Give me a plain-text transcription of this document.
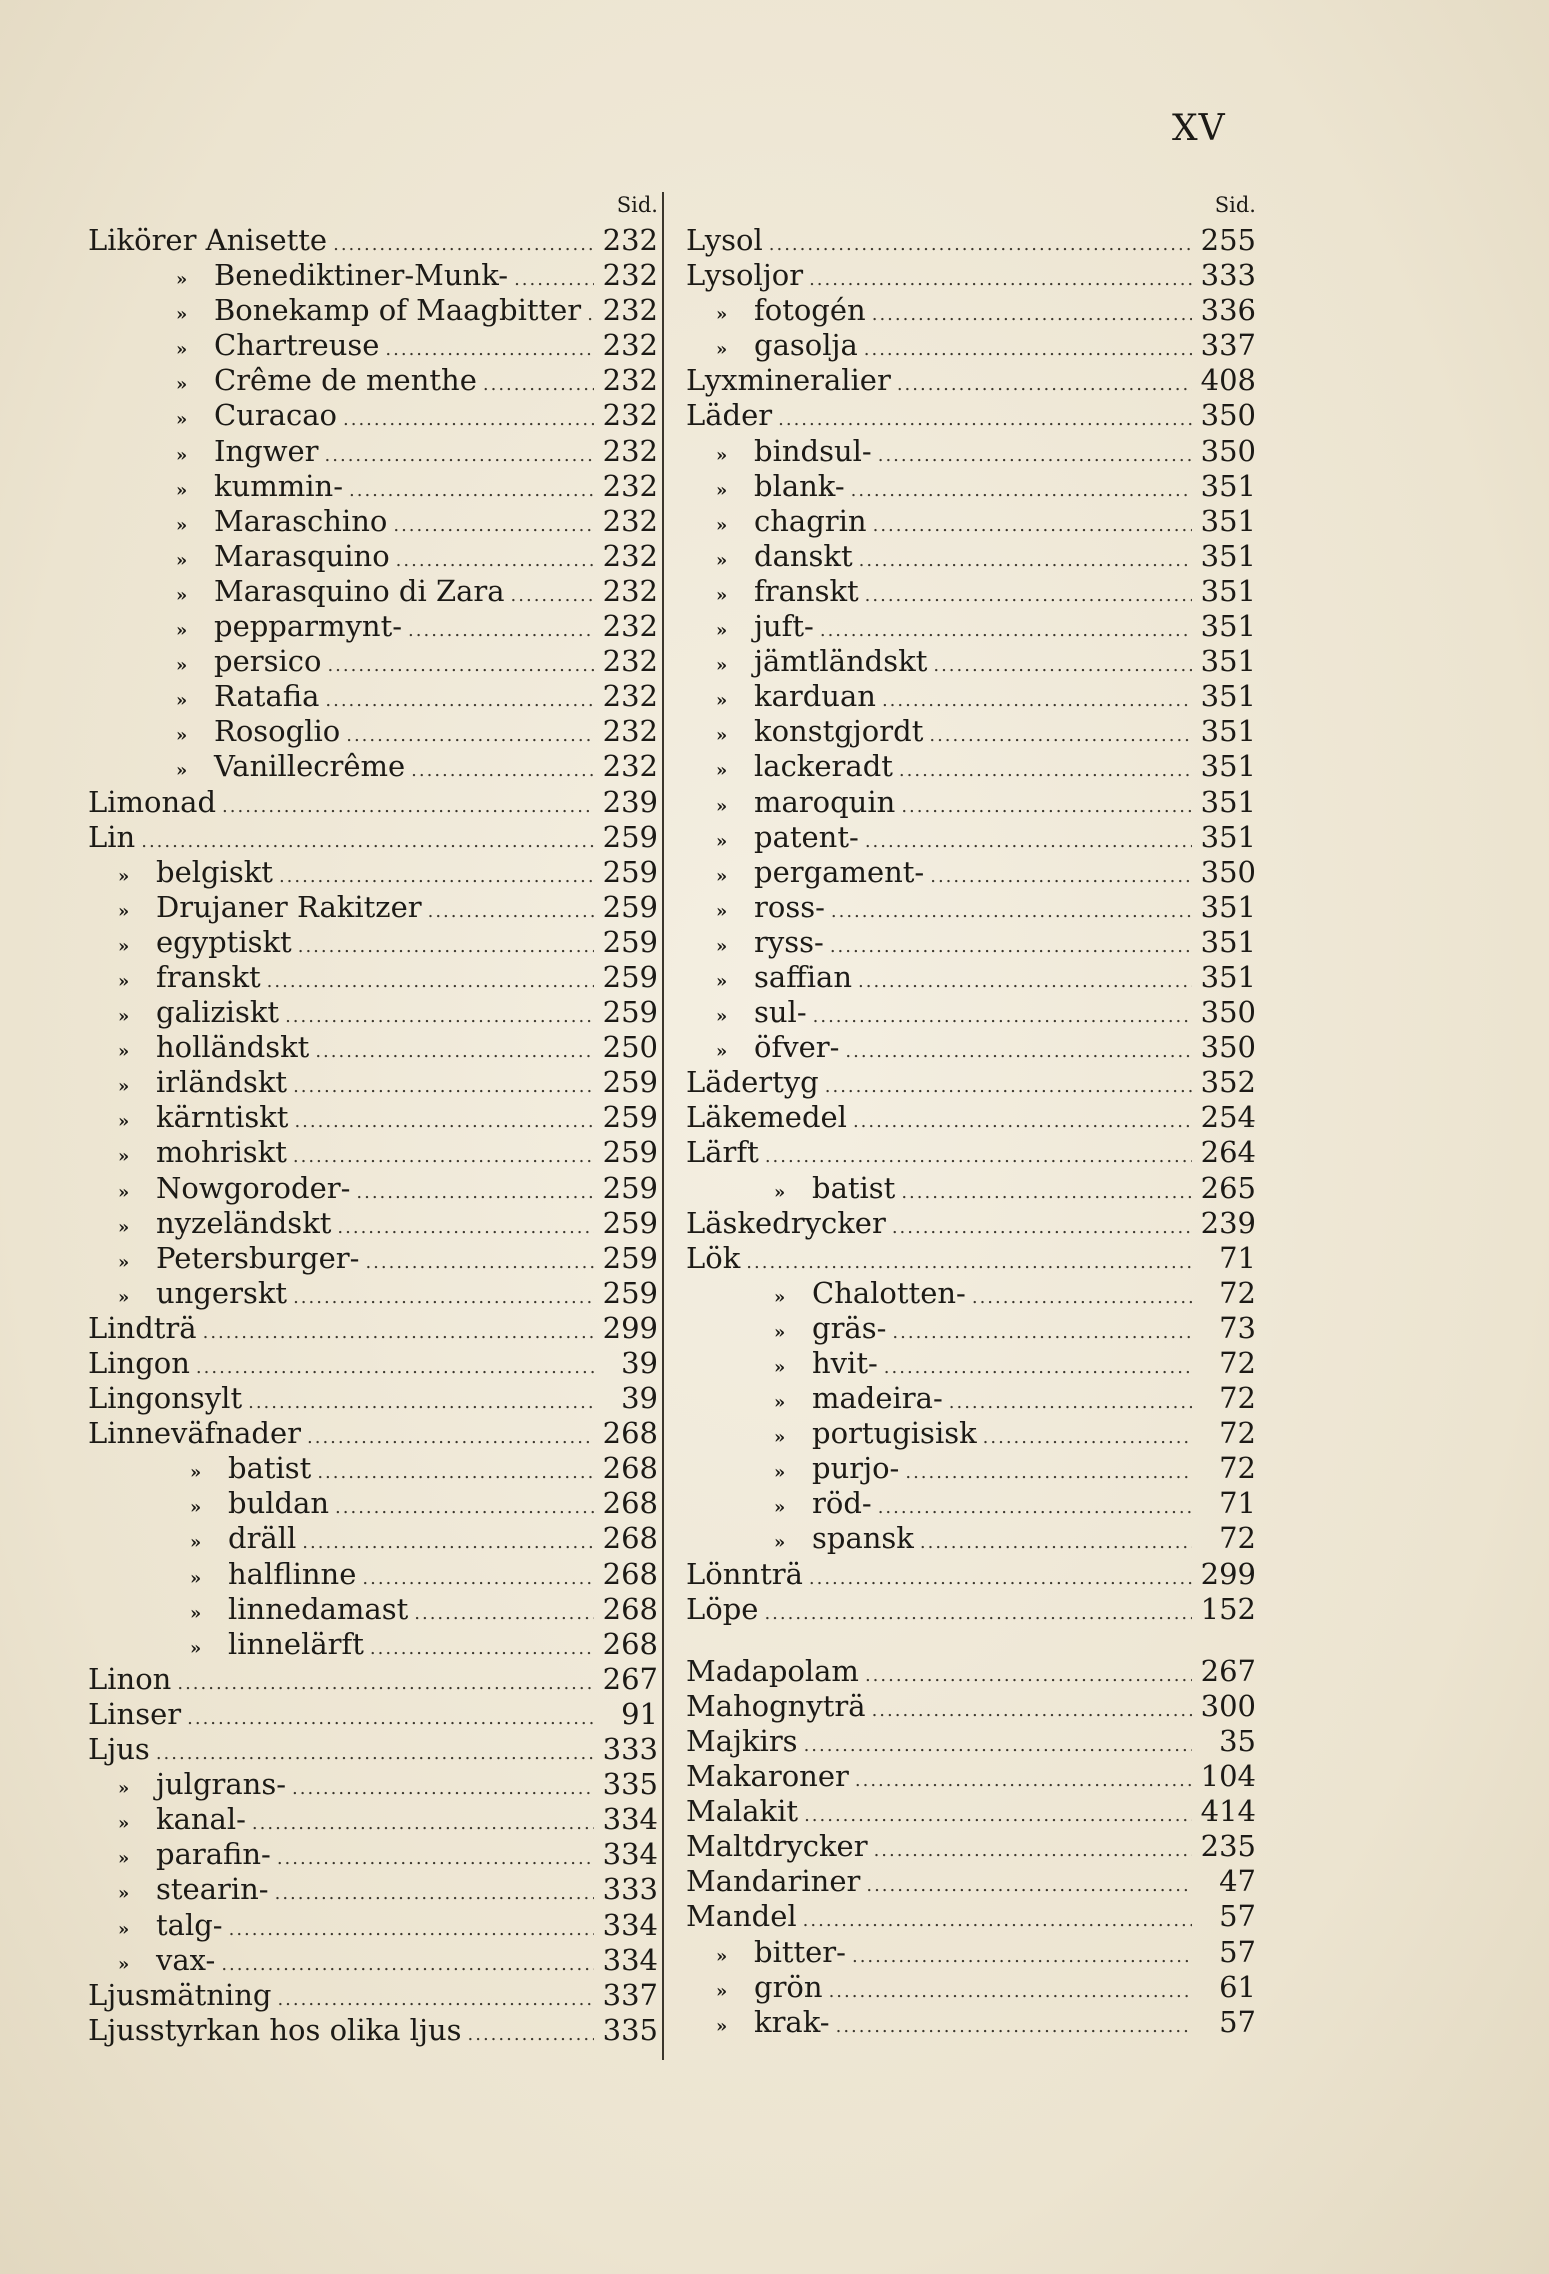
XV
Sid.
Likörer Anisette .....	232
» Benediktiner-Munk- .....	232
» Bonekamp of Maagbitter ..... 232
» Chartreuse .....	232
» Crême de menthe .....	232
» Curacao .....	232
» Ingwer .....	232
» kummin- .....	232
» Maraschino .....	232
» Marasquino .....	232
» Marasquino di Zara .....	232
» pepparmynt- .....	232
» persico .....	232
» Ratafia .....	232
» Rosoglio .....	232
» Vanillecrême .....	232
Limonad .....	239
Lin .....	259
» belgiskt .....	259
» Drujaner Rakitzer .....	259
» egyptiskt .....	259
» franskt .....	259
» galiziskt .....	259
» holländskt .....	250
» irländskt .....	259
» kärntiskt .....	259
» mohriskt .....	259
» Nowgoroder- .....	259
» nyzeländskt .....	259
» Petersburger- .....	259
» ungerskt .....	259
Lindträ .....	299
Lingon .....	39
Lingonsylt .....	39
Linneväfnader .....	268
» batist .....	268
» buldan .....	268
» dräll .....	268
» halflinne .....	268
» linnedamast .....	268
» linnelärft .....	268
Linon .....	267
Linser .....	91
Ljus .....	333
» julgrans- .....	335
» kanal- .....	334
» parafin- .....	334
» stearin- .....	333
» talg- .....	334
» vax- .....	334
Ljusmätning .....	337
Ljusstyrkan hos olika ljus .....	335
Sid.
Lysol .....	255
Lysoljor .....	333
» fotogén .....	336
» gasolja .....	337
Lyxmineralier .....	408
Läder .....	350
» bindsul- .....	350
» blank- .....	351
» chagrin .....	351
» danskt .....	351
» franskt .....	351
» juft- .....	351
» jämtländskt .....	351
» karduan .....	351
» konstgjordt .....	351
» lackeradt .....	351
» maroquin .....	351
» patent- .....	351
» pergament- .....	350
» ross- .....	351
» ryss- .....	351
» saffian .....	351
» sul- .....	350
» öfver- .....	350
Lädertyg .....	352
Läkemedel .....	254
Lärft .....	264
» batist .....	265
Läskedrycker .....	239
Lök .....	71
» Chalotten- .....	72
» gräs- .....	73
» hvit- .....	72
» madeira- .....	72
» portugisisk .....	72
» purjo- .....	72
» röd- .....	71
» spansk .....	72
Lönnträ .....	299
Löpe .....	152
Madapolam .....	267
Mahognyträ .....	300
Majkirs .....	35
Makaroner .....	104
Malakit .....	414
Maltdrycker .....	235
Mandariner .....	47
Mandel .....	57
» bitter- .....	57
» grön .....	61
» krak- .....	57
